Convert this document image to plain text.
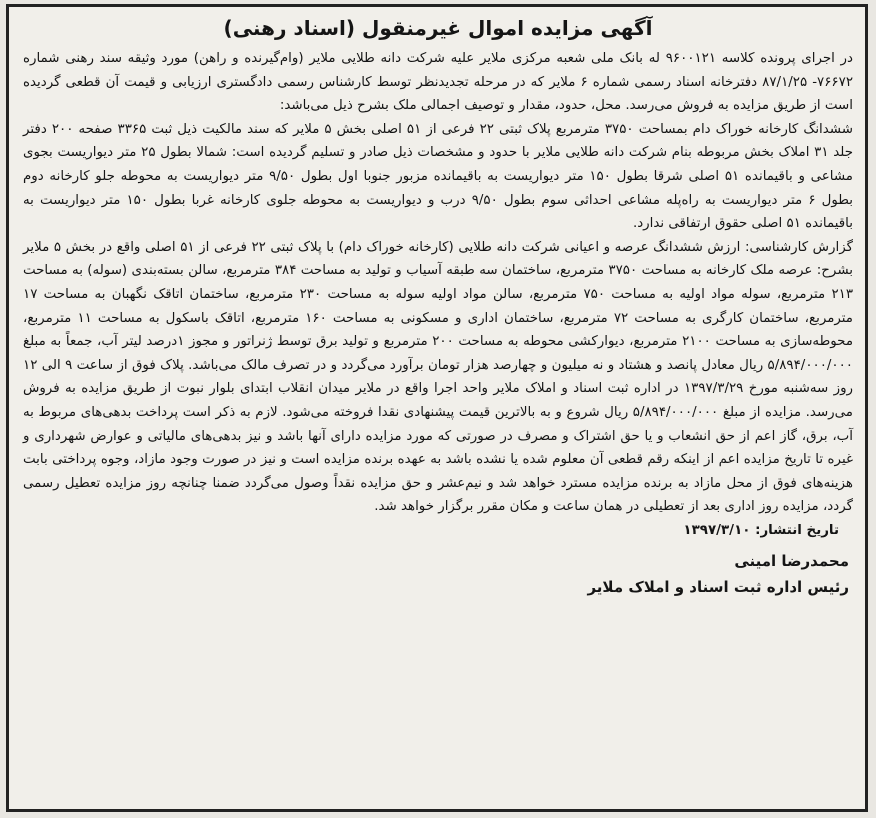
آگهی مزایده اموال غیرمنقول (اسناد رهنی)

در اجرای پرونده کلاسه ۹۶۰۰۱۲۱ له بانک ملی شعبه مرکزی ملایر علیه شرکت دانه طلایی ملایر (وام‌گیرنده و راهن) مورد وثیقه سند رهنی شماره ۷۶۶۷۲- ۸۷/۱/۲۵ دفترخانه اسناد رسمی شماره ۶ ملایر که در مرحله تجدیدنظر توسط کارشناس رسمی دادگستری ارزیابی و قیمت آن قطعی گردیده است از طریق مزایده به فروش می‌رسد. محل، حدود، مقدار و توصیف اجمالی ملک بشرح ذیل می‌باشد:

ششدانگ کارخانه خوراک دام بمساحت ۳۷۵۰ مترمربع پلاک ثبتی ۲۲ فرعی از ۵۱ اصلی بخش ۵ ملایر که سند مالکیت ذیل ثبت ۳۳۶۵ صفحه ۲۰۰ دفتر جلد ۳۱ املاک بخش مربوطه بنام شرکت دانه طلایی ملایر با حدود و مشخصات ذیل صادر و تسلیم گردیده است: شمالا بطول ۲۵ متر دیواریست بجوی مشاعی و باقیمانده ۵۱ اصلی شرقا بطول ۱۵۰ متر دیواریست به باقیمانده مزبور جنوبا اول بطول ۹/۵۰ متر دیواریست به محوطه جلو کارخانه دوم بطول ۶ متر دیواریست به راه‌پله مشاعی احداثی سوم بطول ۹/۵۰ درب و دیواریست به محوطه جلوی کارخانه غربا بطول ۱۵۰ متر دیواریست به باقیمانده ۵۱ اصلی حقوق ارتفاقی ندارد.

گزارش کارشناسی: ارزش ششدانگ عرصه و اعیانی شرکت دانه طلایی (کارخانه خوراک دام) با پلاک ثبتی ۲۲ فرعی از ۵۱ اصلی واقع در بخش ۵ ملایر بشرح: عرصه ملک کارخانه به مساحت ۳۷۵۰ مترمربع، ساختمان سه طبقه آسیاب و تولید به مساحت ۳۸۴ مترمربع، سالن بسته‌بندی (سوله) به مساحت ۲۱۳ مترمربع، سوله مواد اولیه به مساحت ۷۵۰ مترمربع، سالن مواد اولیه سوله به مساحت ۲۳۰ مترمربع، ساختمان اتاقک نگهبان به مساحت ۱۷ مترمربع، ساختمان کارگری به مساحت ۷۲ مترمربع، ساختمان اداری و مسکونی به مساحت ۱۶۰ مترمربع، اتاقک باسکول به مساحت ۱۱ مترمربع، محوطه‌سازی به مساحت ۲۱۰۰ مترمربع، دیوارکشی محوطه به مساحت ۲۰۰ مترمربع و تولید برق توسط ژنراتور و مجوز ۱درصد لیتر آب، جمعاً به مبلغ ۵/۸۹۴/۰۰۰/۰۰۰ ریال معادل پانصد و هشتاد و نه میلیون و چهارصد هزار تومان برآورد می‌گردد و در تصرف مالک می‌باشد. پلاک فوق از ساعت ۹ الی ۱۲ روز سه‌شنبه مورخ ۱۳۹۷/۳/۲۹ در اداره ثبت اسناد و املاک ملایر واحد اجرا واقع در ملایر میدان انقلاب ابتدای بلوار نبوت از طریق مزایده به فروش می‌رسد. مزایده از مبلغ ۵/۸۹۴/۰۰۰/۰۰۰ ریال شروع و به بالاترین قیمت پیشنهادی نقدا فروخته می‌شود. لازم به ذکر است پرداخت بدهی‌های مربوط به آب، برق، گاز اعم از حق انشعاب و یا حق اشتراک و مصرف در صورتی که مورد مزایده دارای آنها باشد و نیز بدهی‌های مالیاتی و عوارض شهرداری و غیره تا تاریخ مزایده اعم از اینکه رقم قطعی آن معلوم شده یا نشده باشد به عهده برنده مزایده است و نیز در صورت وجود مازاد، وجوه پرداختی بابت هزینه‌های فوق از محل مازاد به برنده مزایده مسترد خواهد شد و نیم‌عشر و حق مزایده نقداً وصول می‌گردد ضمنا چنانچه روز مزایده تعطیل رسمی گردد، مزایده روز اداری بعد از تعطیلی در همان ساعت و مکان مقرر برگزار خواهد شد.

تاریخ انتشار: ۱۳۹۷/۳/۱۰

محمدرضا امینی
رئیس اداره ثبت اسناد و املاک ملایر
